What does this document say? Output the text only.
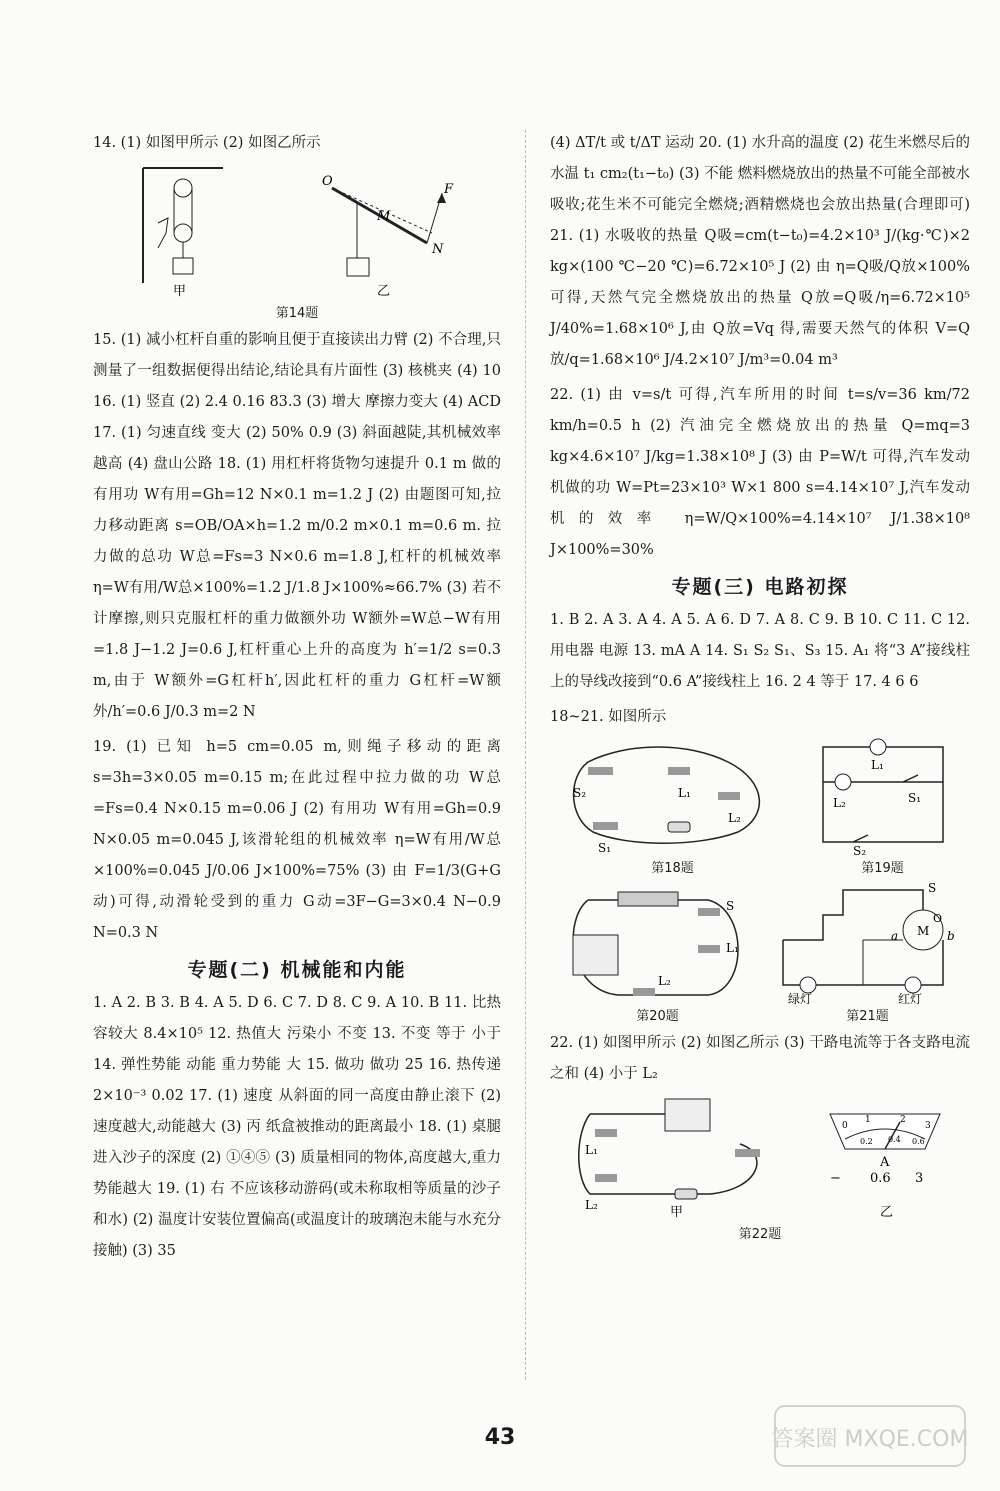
14. (1) 如图甲所示 (2) 如图乙所示

甲
O
M
F
N
乙
第14题

15. (1) 减小杠杆自重的影响且便于直接读出力臂 (2) 不合理,只测量了一组数据便得出结论,结论具有片面性 (3) 核桃夹 (4) 10 16. (1) 竖直 (2) 2.4 0.16 83.3 (3) 增大 摩擦力变大 (4) ACD 17. (1) 匀速直线 变大 (2) 50% 0.9 (3) 斜面越陡,其机械效率越高 (4) 盘山公路 18. (1) 用杠杆将货物匀速提升 0.1 m 做的有用功 W有用=Gh=12 N×0.1 m=1.2 J (2) 由题图可知,拉力移动距离 s=OB/OA×h=1.2 m/0.2 m×0.1 m=0.6 m. 拉力做的总功 W总=Fs=3 N×0.6 m=1.8 J,杠杆的机械效率 η=W有用/W总×100%=1.2 J/1.8 J×100%≈66.7% (3) 若不计摩擦,则只克服杠杆的重力做额外功 W额外=W总−W有用=1.8 J−1.2 J=0.6 J,杠杆重心上升的高度为 h′=1/2 s=0.3 m,由于 W额外=G杠杆h′,因此杠杆的重力 G杠杆=W额外/h′=0.6 J/0.3 m=2 N

19. (1) 已知 h=5 cm=0.05 m,则绳子移动的距离 s=3h=3×0.05 m=0.15 m;在此过程中拉力做的功 W总=Fs=0.4 N×0.15 m=0.06 J (2) 有用功 W有用=Gh=0.9 N×0.05 m=0.045 J,该滑轮组的机械效率 η=W有用/W总×100%=0.045 J/0.06 J×100%=75% (3) 由 F=1/3(G+G动)可得,动滑轮受到的重力 G动=3F−G=3×0.4 N−0.9 N=0.3 N

专题(二) 机械能和内能

1. A 2. B 3. B 4. A 5. D 6. C 7. D 8. C 9. A 10. B 11. 比热容较大 8.4×10⁵ 12. 热值大 污染小 不变 13. 不变 等于 小于 14. 弹性势能 动能 重力势能 大 15. 做功 做功 25 16. 热传递 2×10⁻³ 0.02 17. (1) 速度 从斜面的同一高度由静止滚下 (2) 速度越大,动能越大 (3) 丙 纸盒被推动的距离最小 18. (1) 桌腿进入沙子的深度 (2) ①④⑤ (3) 质量相同的物体,高度越大,重力势能越大 19. (1) 右 不应该移动游码(或未称取相等质量的沙子和水) (2) 温度计安装位置偏高(或温度计的玻璃泡未能与水充分接触) (3) 35

(4) ΔT/t 或 t/ΔT 运动 20. (1) 水升高的温度 (2) 花生米燃尽后的水温 t₁ cm₂(t₁−t₀) (3) 不能 燃料燃烧放出的热量不可能全部被水吸收;花生米不可能完全燃烧;酒精燃烧也会放出热量(合理即可) 21. (1) 水吸收的热量 Q吸=cm(t−t₀)=4.2×10³ J/(kg·℃)×2 kg×(100 ℃−20 ℃)=6.72×10⁵ J (2) 由 η=Q吸/Q放×100%可得,天然气完全燃烧放出的热量 Q放=Q吸/η=6.72×10⁵ J/40%=1.68×10⁶ J,由 Q放=Vq 得,需要天然气的体积 V=Q放/q=1.68×10⁶ J/4.2×10⁷ J/m³=0.04 m³

22. (1) 由 v=s/t 可得,汽车所用的时间 t=s/v=36 km/72 km/h=0.5 h (2) 汽油完全燃烧放出的热量 Q=mq=3 kg×4.6×10⁷ J/kg=1.38×10⁸ J (3) 由 P=W/t 可得,汽车发动机做的功 W=Pt=23×10³ W×1 800 s=4.14×10⁷ J,汽车发动机的效率 η=W/Q×100%=4.14×10⁷ J/1.38×10⁸ J×100%=30%

专题(三) 电路初探

1. B 2. A 3. A 4. A 5. A 6. D 7. A 8. C 9. B 10. C 11. C 12. 用电器 电源 13. mA A 14. S₁ S₂ S₁、S₃ 15. A₁ 将“3 A”接线柱上的导线改接到“0.6 A”接线柱上 16. 2 4 等于 17. 4 6 6

18~21. 如图所示

S₂	L₁
L₂
S₁
第18题
L₁
L₂	S₁
S₂
第19题
S
L₁
L₂
第20题
S
M
O
a	b
绿灯	红灯
第21题

22. (1) 如图甲所示 (2) 如图乙所示 (3) 干路电流等于各支路电流之和 (4) 小于 L₂

L₁
L₂	甲
0
1	2
3
0.2 0.4 0.6
A
− 0.6 3
乙
第22题
43	答案圈 MXQE.COM
